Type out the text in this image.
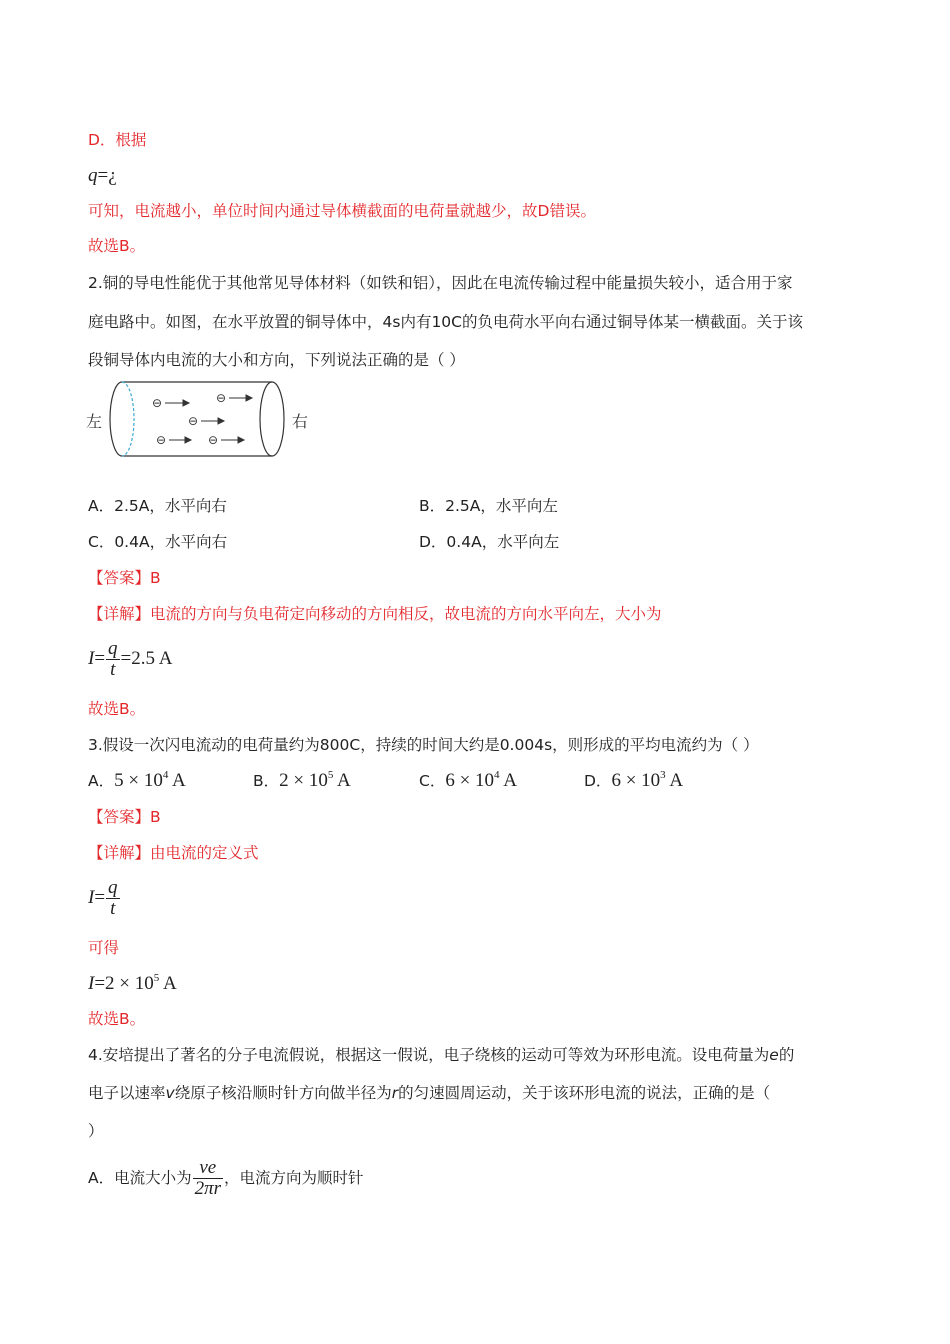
D．根据
q=¿
可知，电流越小，单位时间内通过导体横截面的电荷量就越少，故D错误。
故选B。
2.铜的导电性能优于其他常见导体材料（如铁和铝），因此在电流传输过程中能量损失较小，适合用于家
庭电路中。如图，在水平放置的铜导体中，4s内有10C的负电荷水平向右通过铜导体某一横截面。关于该
段铜导体内电流的大小和方向，下列说法正确的是（ ）
左	右
⊖	⊖
⊖
⊖	⊖
A．2.5A，水平向右	B．2.5A，水平向左
C．0.4A，水平向右	D．0.4A，水平向左
【答案】B
【详解】电流的方向与负电荷定向移动的方向相反，故电流的方向水平向左，大小为
$I= \frac{q}{t} =2.5$ A
故选B。
3.假设一次闪电流动的电荷量约为800C，持续的时间大约是0.004s，则形成的平均电流约为（ ）
A．$5 \times 10^4$ A	B．$2 \times 10^5$ A	C．$6 \times 10^4$ A	D．$6 \times 10^3$ A
【答案】B
【详解】由电流的定义式
$I= \frac{q}{t}$
可得
$I=2 \times 10^5$ A
故选B。
4.安培提出了著名的分子电流假说，根据这一假说，电子绕核的运动可等效为环形电流。设电荷量为e的
电子以速率v绕原子核沿顺时针方向做半径为r的匀速圆周运动，关于该环形电流的说法，正确的是（
）
A．电流大小为 $\frac{ve}{2\pi r}$ ，电流方向为顺时针
